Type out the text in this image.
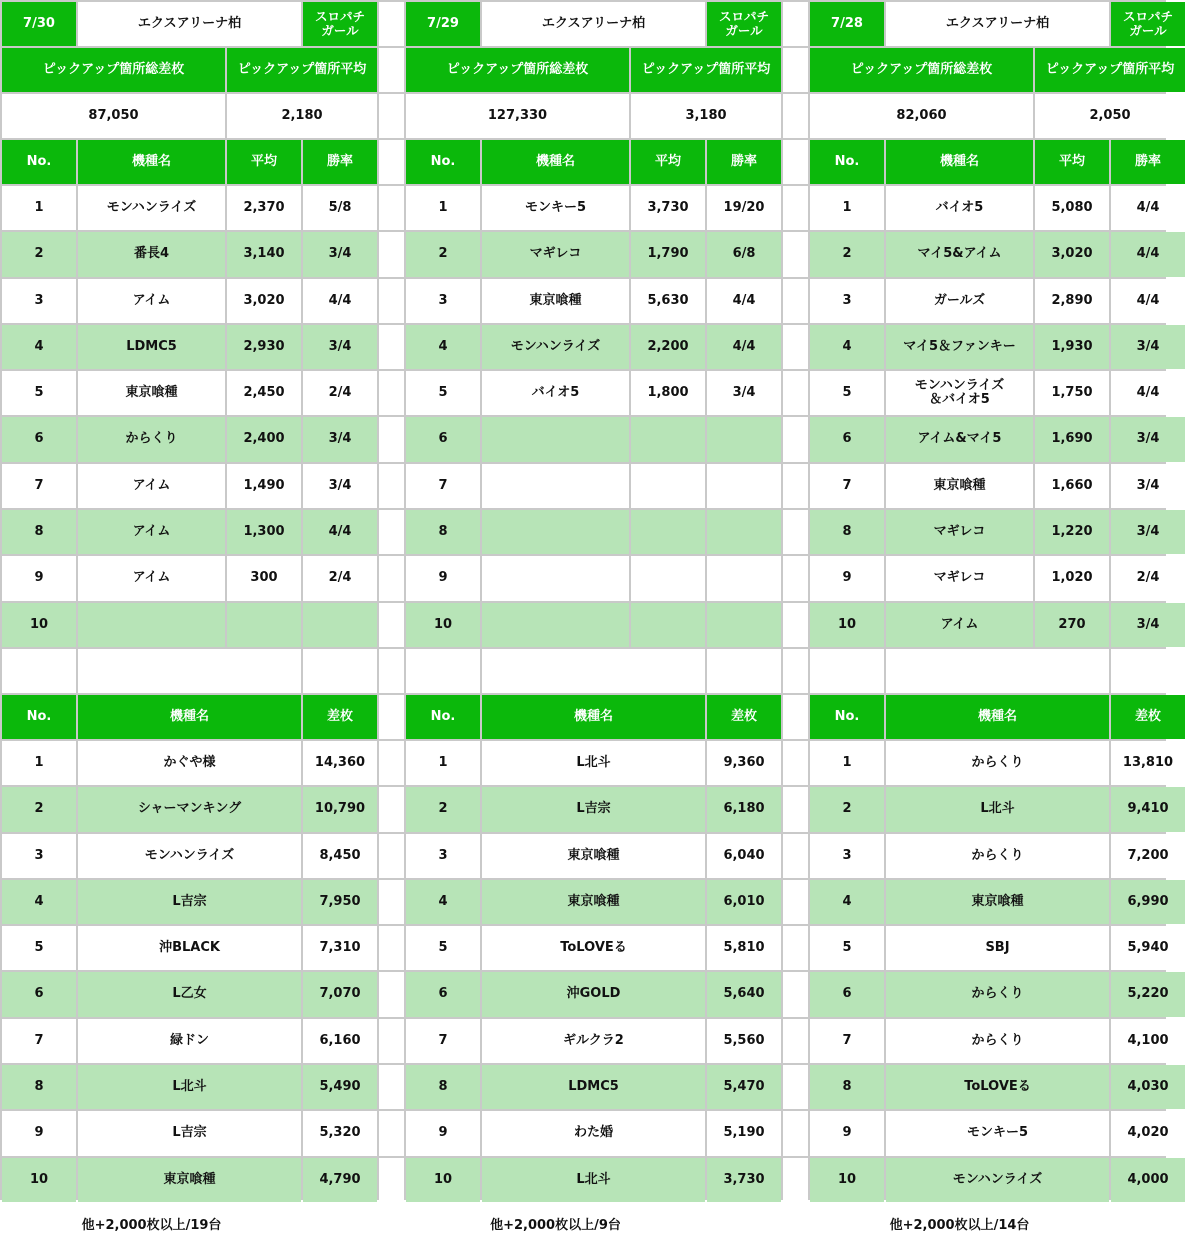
7/30	エクスアリーナ柏	スロパチ
ガール
ピックアップ箇所総差枚	ピックアップ箇所平均
87,050	2,180
No.	機種名	平均	勝率
1	モンハンライズ	2,370	5/8
2	番長4	3,140	3/4
3	アイム	3,020	4/4
4	LDMC5	2,930	3/4
5	東京喰種	2,450	2/4
6	からくり	2,400	3/4
7	アイム	1,490	3/4
8	アイム	1,300	4/4
9	アイム	300	2/4
10
No.	機種名	差枚
1	かぐや様	14,360
2	シャーマンキング	10,790
3	モンハンライズ	8,450
4	L吉宗	7,950
5	沖BLACK	7,310
6	L乙女	7,070
7	緑ドン	6,160
8	L北斗	5,490
9	L吉宗	5,320
10	東京喰種	4,790
他+2,000枚以上/19台
7/29	エクスアリーナ柏	スロパチ
ガール
ピックアップ箇所総差枚	ピックアップ箇所平均
127,330	3,180
No.	機種名	平均	勝率
1	モンキー5	3,730	19/20
2	マギレコ	1,790	6/8
3	東京喰種	5,630	4/4
4	モンハンライズ	2,200	4/4
5	バイオ5	1,800	3/4
6
7
8
9
10
No.	機種名	差枚
1	L北斗	9,360
2	L吉宗	6,180
3	東京喰種	6,040
4	東京喰種	6,010
5	ToLOVEる	5,810
6	沖GOLD	5,640
7	ギルクラ2	5,560
8	LDMC5	5,470
9	わた婚	5,190
10	L北斗	3,730
他+2,000枚以上/9台
7/28	エクスアリーナ柏	スロパチ
ガール
ピックアップ箇所総差枚	ピックアップ箇所平均
82,060	2,050
No.	機種名	平均	勝率
1	バイオ5	5,080	4/4
2	マイ5&アイム	3,020	4/4
3	ガールズ	2,890	4/4
4	マイ5＆ファンキー	1,930	3/4
5	モンハンライズ
＆バイオ5	1,750	4/4
6	アイム&マイ5	1,690	3/4
7	東京喰種	1,660	3/4
8	マギレコ	1,220	3/4
9	マギレコ	1,020	2/4
10	アイム	270	3/4
No.	機種名	差枚
1	からくり	13,810
2	L北斗	9,410
3	からくり	7,200
4	東京喰種	6,990
5	SBJ	5,940
6	からくり	5,220
7	からくり	4,100
8	ToLOVEる	4,030
9	モンキー5	4,020
10	モンハンライズ	4,000
他+2,000枚以上/14台
